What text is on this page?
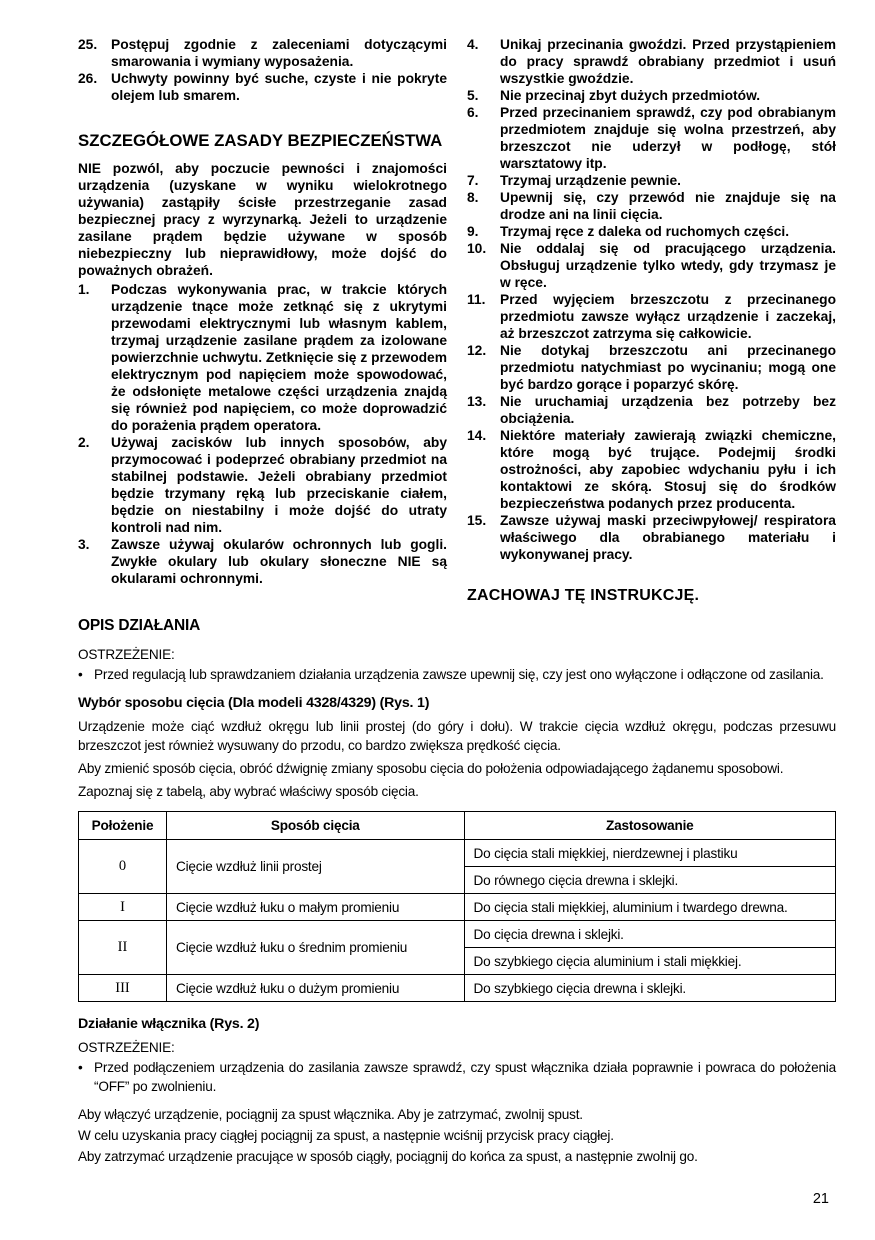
25.	Postępuj zgodnie z zaleceniami dotyczącymi smarowania i wymiany wyposażenia.
26.	Uchwyty powinny być suche, czyste i nie pokryte olejem lub smarem.
SZCZEGÓŁOWE ZASADY BEZPIECZEŃSTWA
NIE pozwól, aby poczucie pewności i znajomości urządzenia (uzyskane w wyniku wielokrotnego używania) zastąpiły ścisłe przestrzeganie zasad bezpiecznej pracy z wyrzynarką. Jeżeli to urządzenie zasilane prądem będzie używane w sposób niebezpieczny lub nieprawidłowy, może dojść do poważnych obrażeń.
1.	Podczas wykonywania prac, w trakcie których urządzenie tnące może zetknąć się z ukrytymi przewodami elektrycznymi lub własnym kablem, trzymaj urządzenie zasilane prądem za izolowane powierzchnie uchwytu. Zetknięcie się z przewodem elektrycznym pod napięciem może spowodować, że odsłonięte metalowe części urządzenia znajdą się również pod napięciem, co może doprowadzić do porażenia prądem operatora.
2.	Używaj zacisków lub innych sposobów, aby przymocować i podeprzeć obrabiany przedmiot na stabilnej podstawie. Jeżeli obrabiany przedmiot będzie trzymany ręką lub przeciskanie ciałem, będzie on niestabilny i może dojść do utraty kontroli nad nim.
3.	Zawsze używaj okularów ochronnych lub gogli. Zwykłe okulary lub okulary słoneczne NIE są okularami ochronnymi.
4.	Unikaj przecinania gwoździ. Przed przystąpieniem do pracy sprawdź obrabiany przedmiot i usuń wszystkie gwoździe.
5.	Nie przecinaj zbyt dużych przedmiotów.
6.	Przed przecinaniem sprawdź, czy pod obrabianym przedmiotem znajduje się wolna przestrzeń, aby brzeszczot nie uderzył w podłogę, stół warsztatowy itp.
7.	Trzymaj urządzenie pewnie.
8.	Upewnij się, czy przewód nie znajduje się na drodze ani na linii cięcia.
9.	Trzymaj ręce z daleka od ruchomych części.
10.	Nie oddalaj się od pracującego urządzenia. Obsługuj urządzenie tylko wtedy, gdy trzymasz je w ręce.
11.	Przed wyjęciem brzeszczotu z przecinanego przedmiotu zawsze wyłącz urządzenie i zaczekaj, aż brzeszczot zatrzyma się całkowicie.
12.	Nie dotykaj brzeszczotu ani przecinanego przedmiotu natychmiast po wycinaniu; mogą one być bardzo gorące i poparzyć skórę.
13.	Nie uruchamiaj urządzenia bez potrzeby bez obciążenia.
14.	Niektóre materiały zawierają związki chemiczne, które mogą być trujące. Podejmij środki ostrożności, aby zapobiec wdychaniu pyłu i ich kontaktowi ze skórą. Stosuj się do środków bezpieczeństwa podanych przez producenta.
15.	Zawsze używaj maski przeciwpyłowej/ respiratora właściwego dla obrabianego materiału i wykonywanej pracy.
ZACHOWAJ TĘ INSTRUKCJĘ.
OPIS DZIAŁANIA
OSTRZEŻENIE:
• Przed regulacją lub sprawdzaniem działania urządzenia zawsze upewnij się, czy jest ono wyłączone i odłączone od zasilania.
Wybór sposobu cięcia (Dla modeli 4328/4329) (Rys. 1)
Urządzenie może ciąć wzdłuż okręgu lub linii prostej (do góry i dołu). W trakcie cięcia wzdłuż okręgu, podczas przesuwu brzeszczot jest również wysuwany do przodu, co bardzo zwiększa prędkość cięcia.
Aby zmienić sposób cięcia, obróć dźwignię zmiany sposobu cięcia do położenia odpowiadającego żądanemu sposobowi.
Zapoznaj się z tabelą, aby wybrać właściwy sposób cięcia.
Położenie	Sposób cięcia	Zastosowanie
0	Cięcie wzdłuż linii prostej	Do cięcia stali miękkiej, nierdzewnej i plastiku
		Do równego cięcia drewna i sklejki.
I	Cięcie wzdłuż łuku o małym promieniu	Do cięcia stali miękkiej, aluminium i twardego drewna.
II	Cięcie wzdłuż łuku o średnim promieniu	Do cięcia drewna i sklejki.
		Do szybkiego cięcia aluminium i stali miękkiej.
III	Cięcie wzdłuż łuku o dużym promieniu	Do szybkiego cięcia drewna i sklejki.
Działanie włącznika (Rys. 2)
OSTRZEŻENIE:
• Przed podłączeniem urządzenia do zasilania zawsze sprawdź, czy spust włącznika działa poprawnie i powraca do położenia “OFF” po zwolnieniu.
Aby włączyć urządzenie, pociągnij za spust włącznika. Aby je zatrzymać, zwolnij spust.
W celu uzyskania pracy ciągłej pociągnij za spust, a następnie wciśnij przycisk pracy ciągłej.
Aby zatrzymać urządzenie pracujące w sposób ciągły, pociągnij do końca za spust, a następnie zwolnij go.
21
